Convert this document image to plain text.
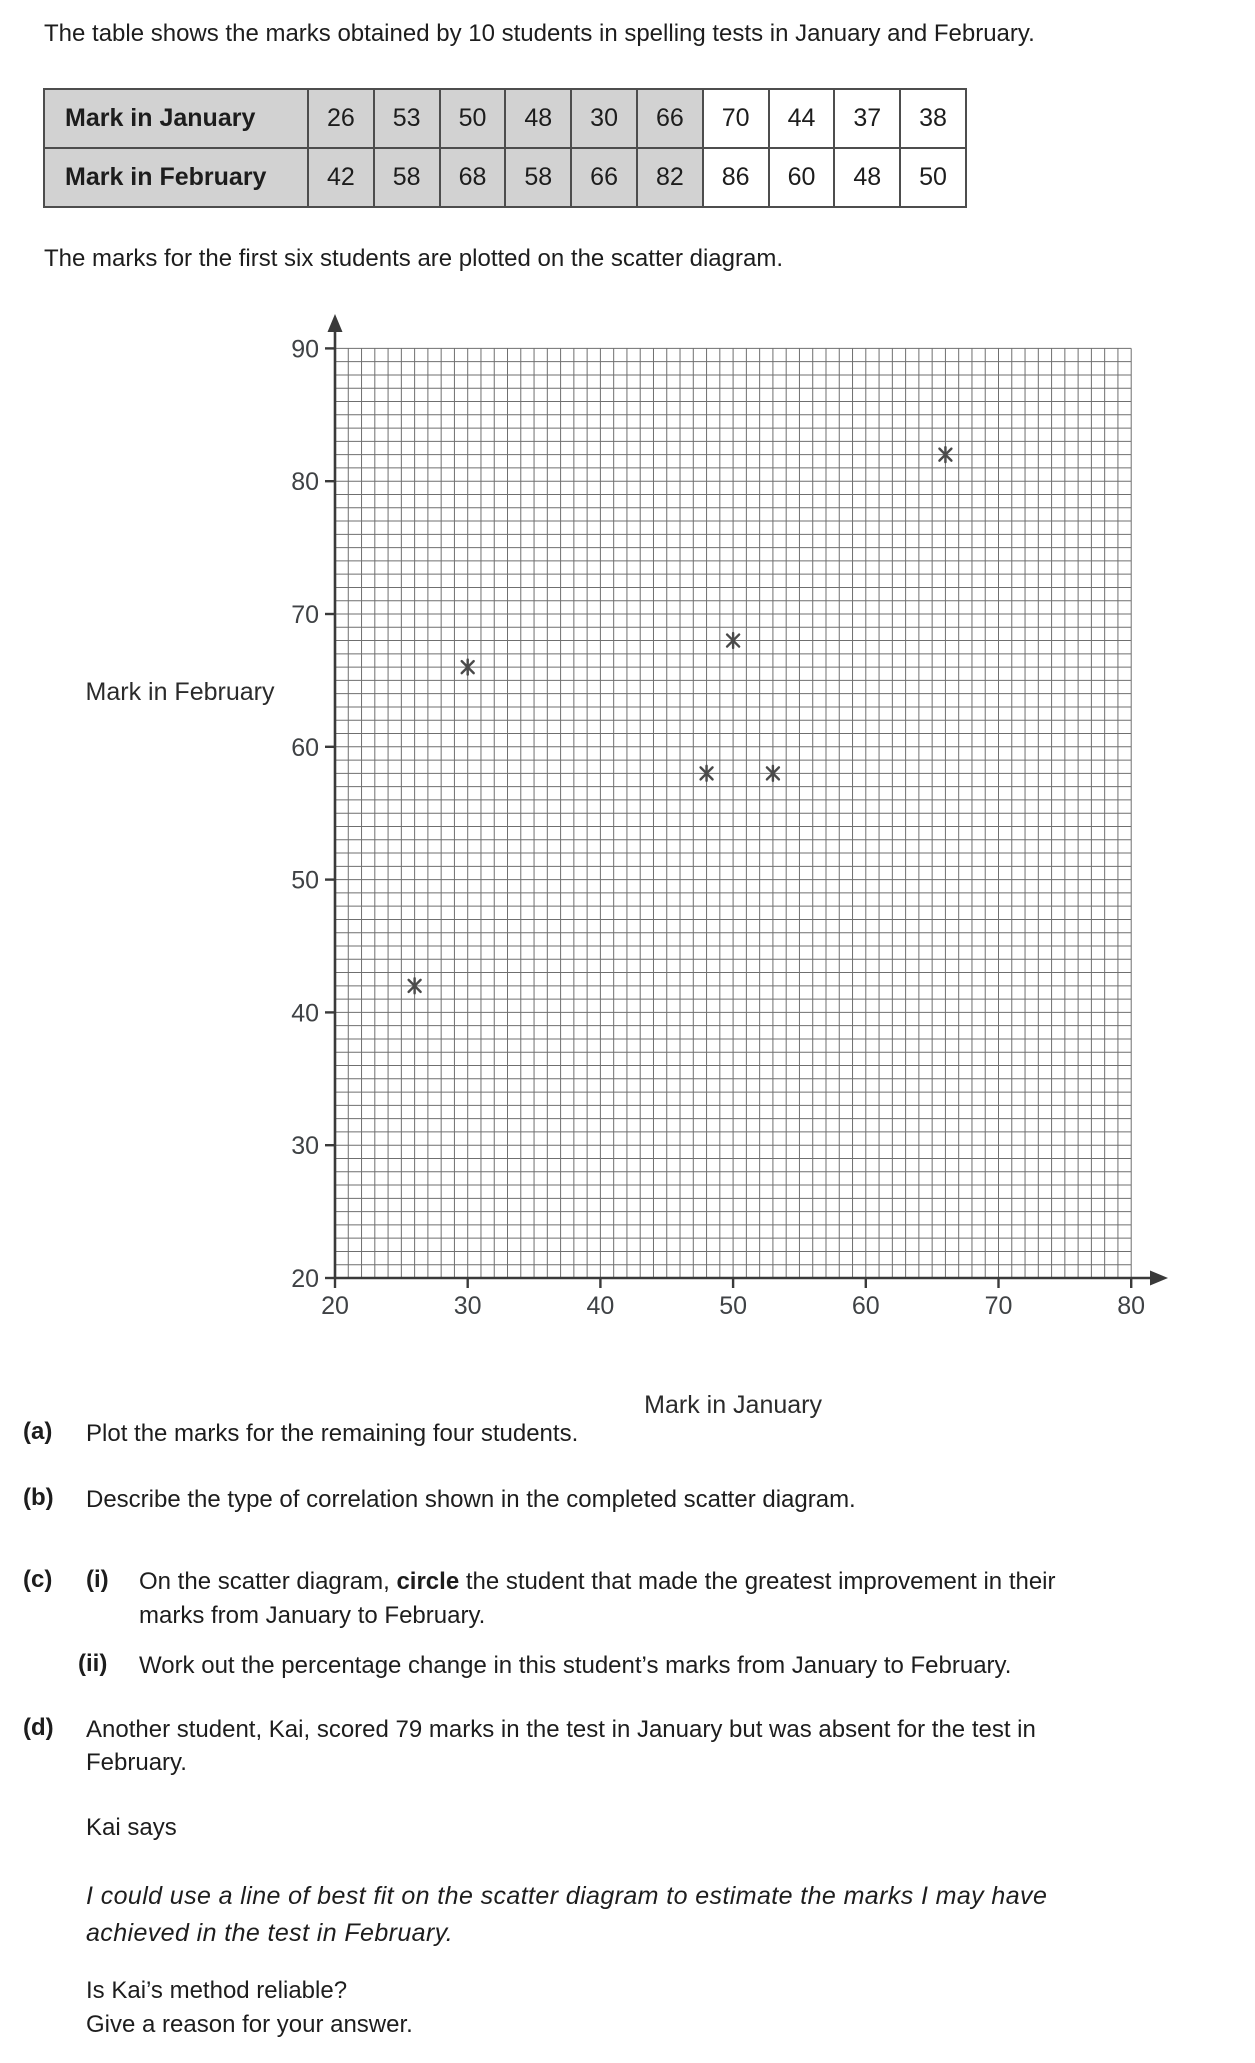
The table shows the marks obtained by 10 students in spelling tests in January and February.
Mark in January	26	53	50	48	30	66	70	44	37	38
Mark in February	42	58	68	58	66	82	86	60	48	50
The marks for the first six students are plotted on the scatter diagram.
20
30
40
50
60
70
80
90
20	30	40	50	60	70	80
Mark in January
Mark in February
(a) Plot the marks for the remaining four students.
(b) Describe the type of correlation shown in the completed scatter diagram.
(c) (i) On the scatter diagram, circle the student that made the greatest improvement in their
marks from January to February.
(ii) Work out the percentage change in this student’s marks from January to February.
(d) Another student, Kai, scored 79 marks in the test in January but was absent for the test in
February.
Kai says
I could use a line of best fit on the scatter diagram to estimate the marks I may have
achieved in the test in February.
Is Kai’s method reliable?
Give a reason for your answer.
